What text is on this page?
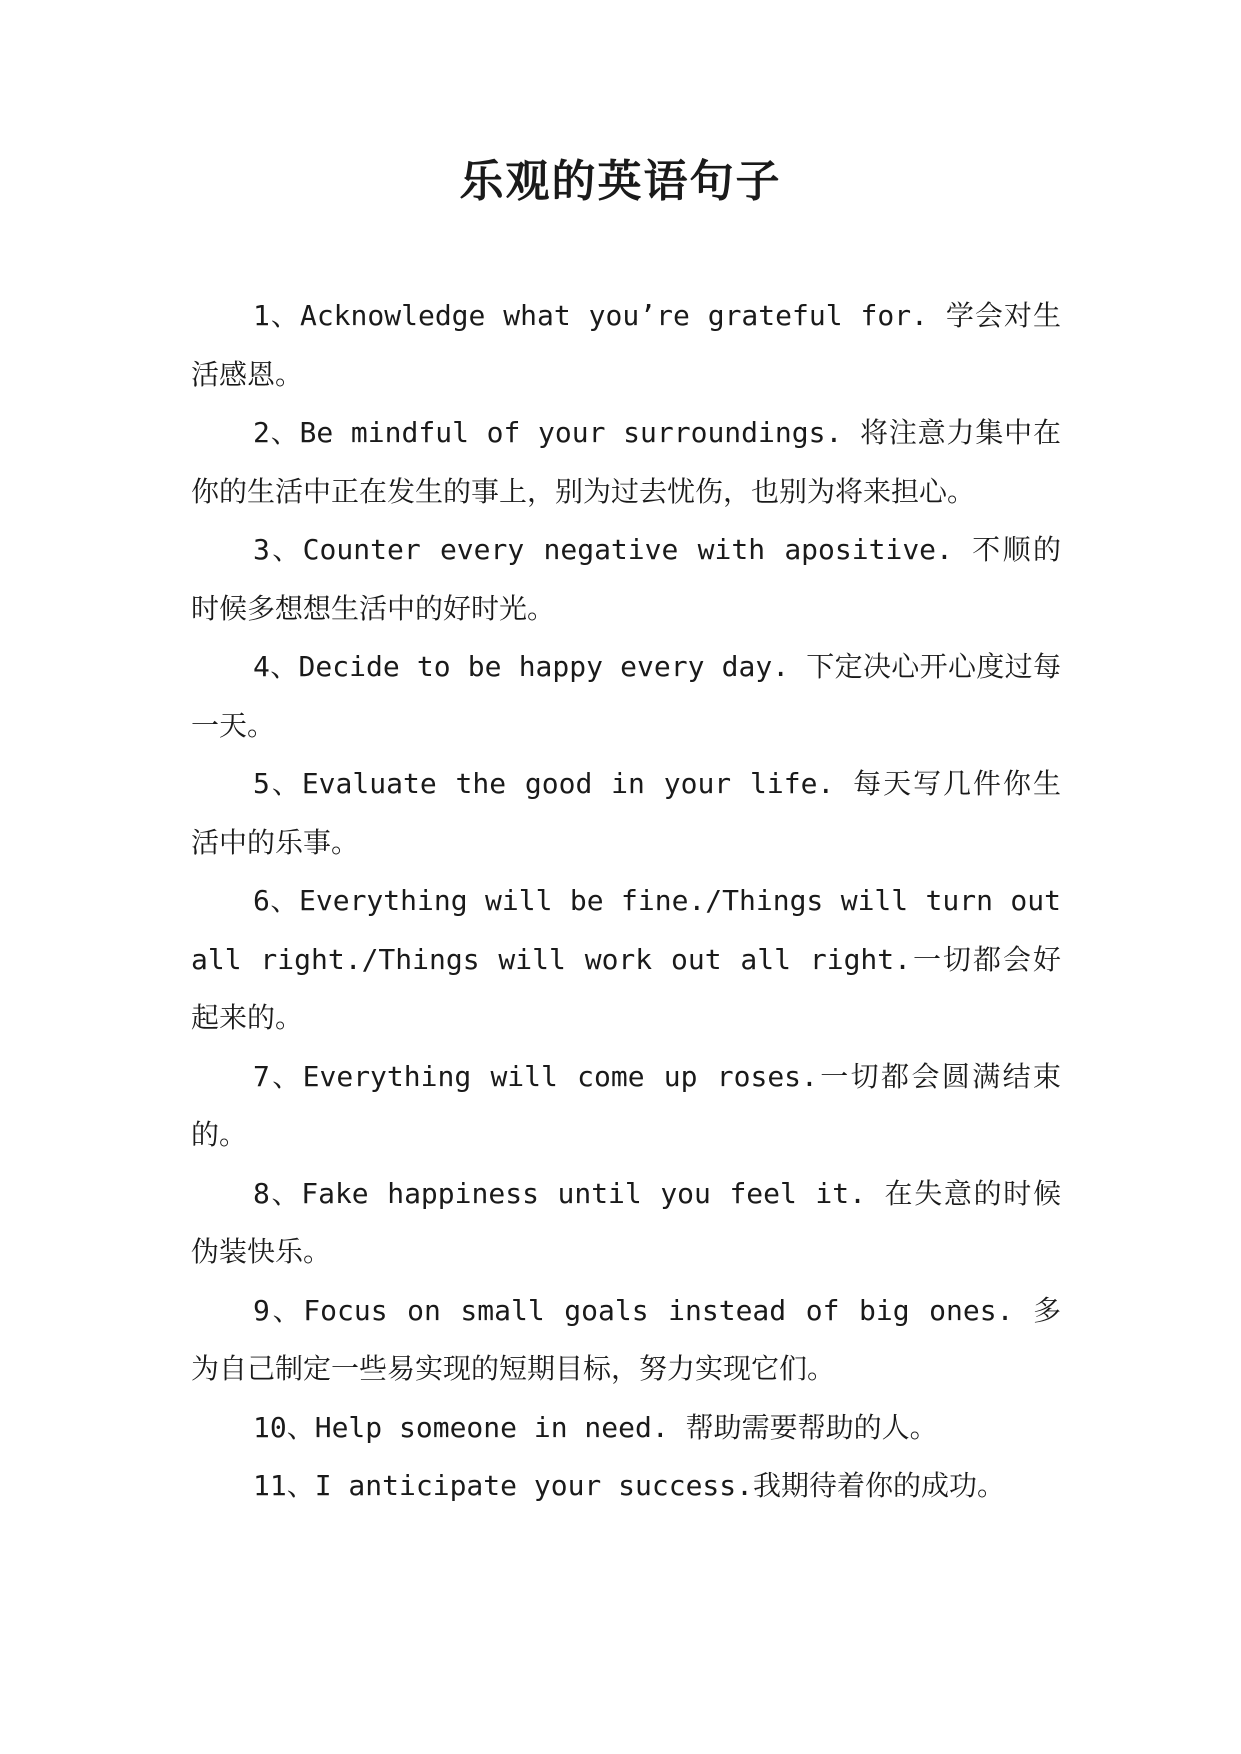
乐观的英语句子

1、Acknowledge what you’re grateful for. 学会对生活感恩。

2、Be mindful of your surroundings. 将注意力集中在你的生活中正在发生的事上，别为过去忧伤，也别为将来担心。

3、Counter every negative with apositive. 不顺的时候多想想生活中的好时光。

4、Decide to be happy every day. 下定决心开心度过每一天。

5、Evaluate the good in your life. 每天写几件你生活中的乐事。

6、Everything will be fine./Things will turn out all right./Things will work out all right.一切都会好起来的。

7、Everything will come up roses.一切都会圆满结束的。

8、Fake happiness until you feel it. 在失意的时候伪装快乐。

9、Focus on small goals instead of big ones. 多为自己制定一些易实现的短期目标，努力实现它们。

10、Help someone in need. 帮助需要帮助的人。

11、I anticipate your success.我期待着你的成功。
